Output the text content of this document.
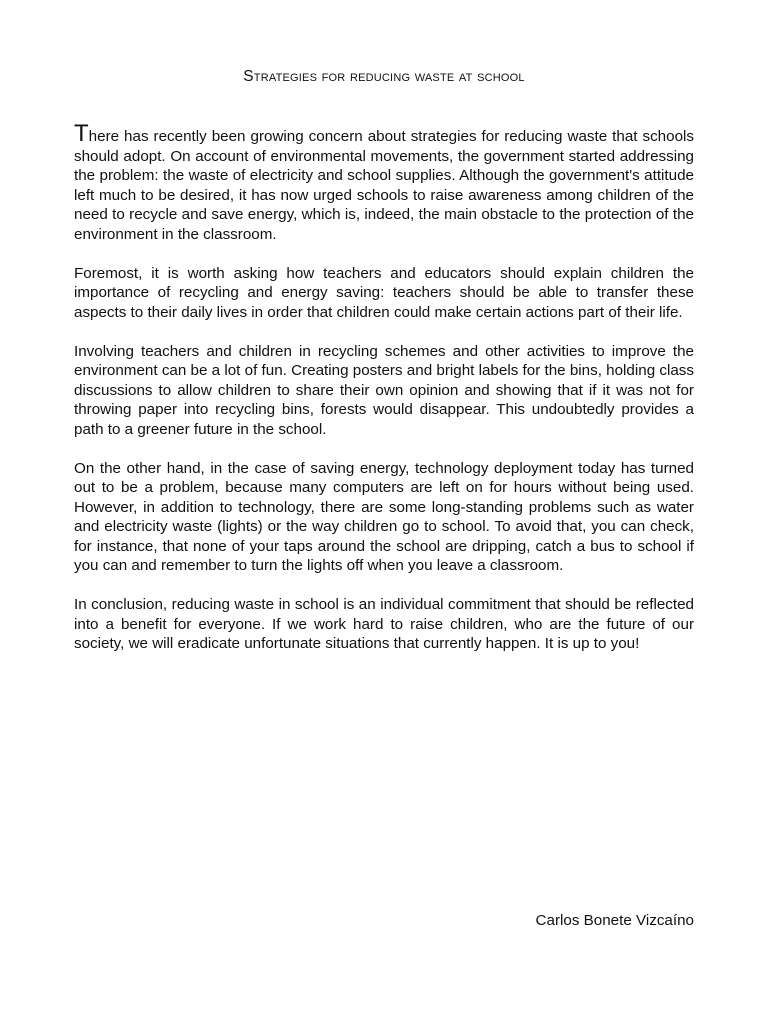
Strategies for reducing waste at school

There has recently been growing concern about strategies for reducing waste that schools should adopt. On account of environmental movements, the government started addressing the problem: the waste of electricity and school supplies. Although the government's attitude left much to be desired, it has now urged schools to raise awareness among children of the need to recycle and save energy, which is, indeed, the main obstacle to the protection of the environment in the classroom.

Foremost, it is worth asking how teachers and educators should explain children the importance of recycling and energy saving: teachers should be able to transfer these aspects to their daily lives in order that children could make certain actions part of their life.

Involving teachers and children in recycling schemes and other activities to improve the environment can be a lot of fun. Creating posters and bright labels for the bins, holding class discussions to allow children to share their own opinion and showing that if it was not for throwing paper into recycling bins, forests would disappear. This undoubtedly provides a path to a greener future in the school.

On the other hand, in the case of saving energy, technology deployment today has turned out to be a problem, because many computers are left on for hours without being used. However, in addition to technology, there are some long-standing problems such as water and electricity waste (lights) or the way children go to school. To avoid that, you can check, for instance, that none of your taps around the school are dripping, catch a bus to school if you can and remember to turn the lights off when you leave a classroom.

In conclusion, reducing waste in school is an individual commitment that should be reflected into a benefit for everyone. If we work hard to raise children, who are the future of our society, we will eradicate unfortunate situations that currently happen. It is up to you!

Carlos Bonete Vizcaíno
